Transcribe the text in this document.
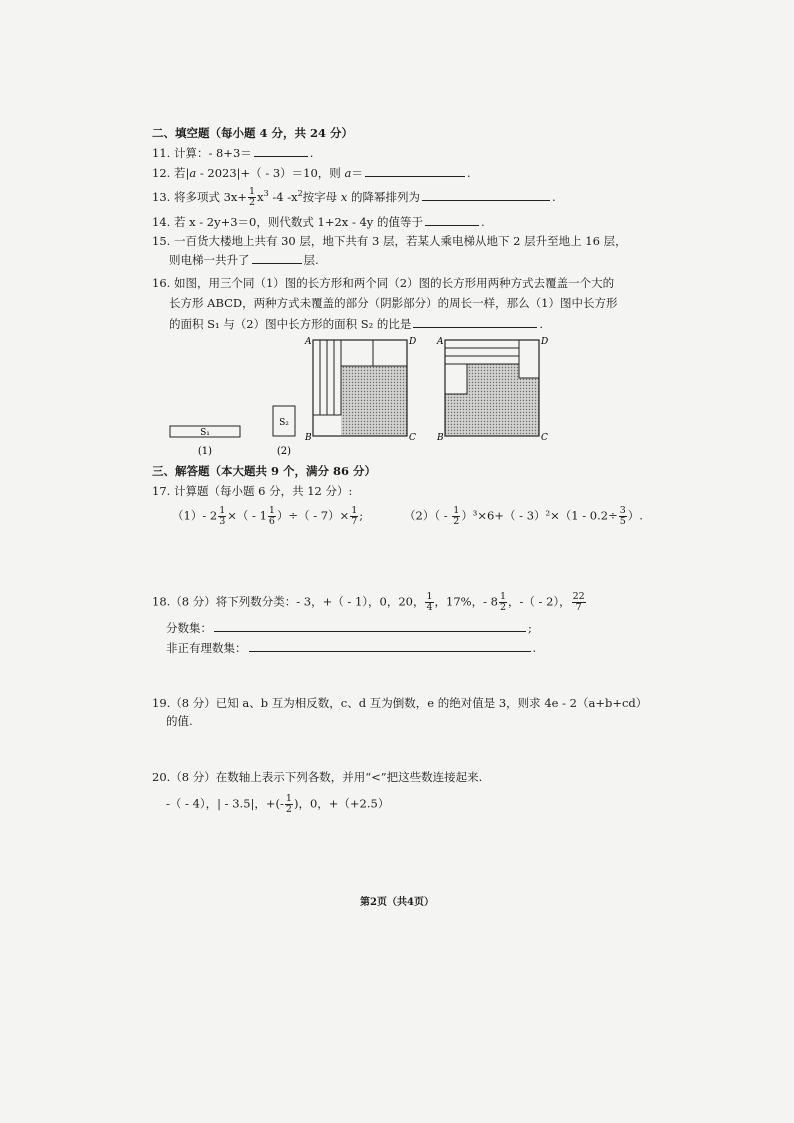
二、填空题（每小题 4 分，共 24 分）
11. 计算：- 8+3＝	.
12. 若|a - 2023|+（ - 3）＝10，则 a＝	.
13. 将多项式 $3x+ \frac{1}{2} x^3$ -4 $-x^2$按字母 x 的降幂排列为	.
14. 若 x - 2y+3＝0，则代数式 1+2x - 4y 的值等于	.
15. 一百货大楼地上共有 30 层，地下共有 3 层，若某人乘电梯从地下 2 层升至地上 16 层，
则电梯一共升了	层.
16. 如图，用三个同（1）图的长方形和两个同（2）图的长方形用两种方式去覆盖一个大的
长方形 ABCD，两种方式未覆盖的部分（阴影部分）的周长一样，那么（1）图中长方形
的面积 S₁ 与（2）图中长方形的面积 S₂ 的比是	.
S₁
(1)
S₂
(2)
A	D
B	C
A	D
B	C
三、解答题（本大题共 9 个，满分 86 分）
17. 计算题（每小题 6 分，共 12 分）:
（1）- $2 \frac{1}{3}$ ×（ - $1 \frac{1}{6}$ ）÷（ - $7)\times \frac{1}{7}$ ;	$(2)( - \frac{1}{2} )^3\times 6+( - 3)^2\times(1 - 0.2\div \frac{3}{5}$ ）.
18.（8 分）将下列数分类：- 3，+（ - 1），0，20， $\frac{1}{4}$ ，17%，- $8 \frac{1}{2}$ ，-（ - 2）， $\frac{22}{7}$
分数集：	;
非正有理数集：	.
19.（8 分）已知 a、b 互为相反数，c、d 互为倒数，e 的绝对值是 3，则求 4e - 2（a+b+cd）
的值.
20.（8 分）在数轴上表示下列各数，并用“<”把这些数连接起来.
-（ - 4），| - 3.5|，+(- $\frac{1}{2}$ )，0，+（+2.5）
第2页（共4页）
